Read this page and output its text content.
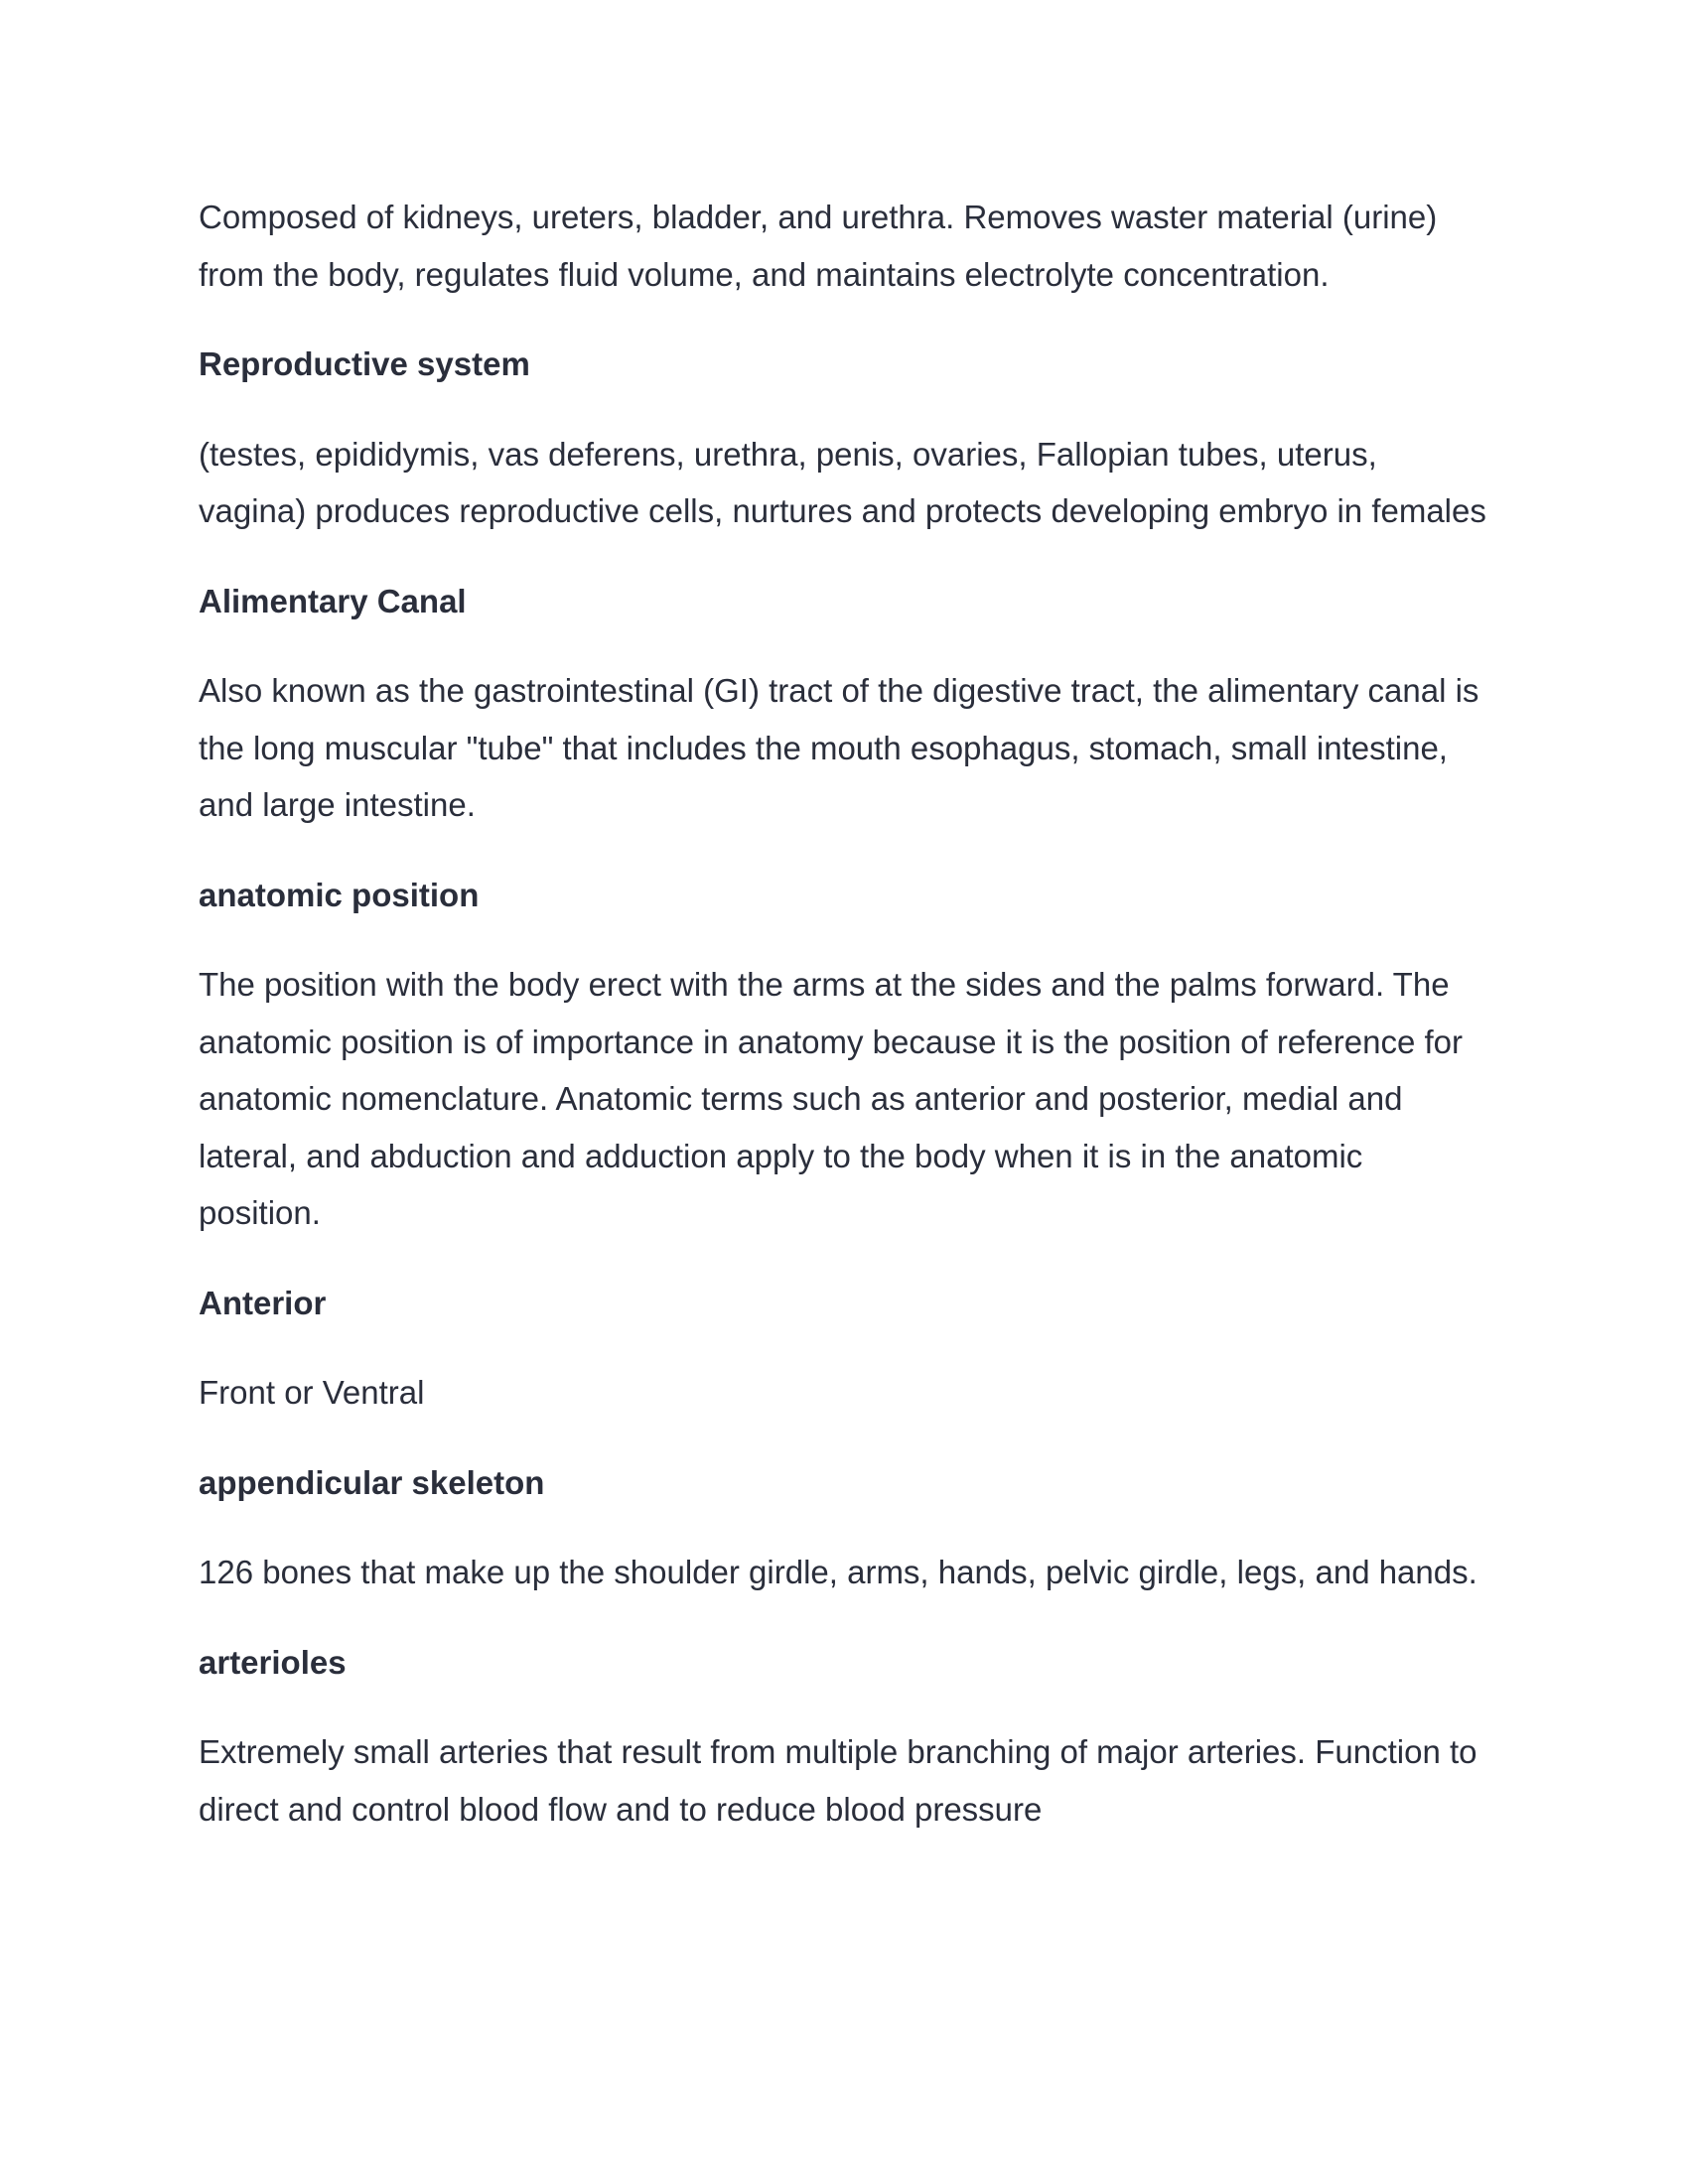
Composed of kidneys, ureters, bladder, and urethra. Removes waster material (urine) from the body, regulates fluid volume, and maintains electrolyte concentration.

Reproductive system

(testes, epididymis, vas deferens, urethra, penis, ovaries, Fallopian tubes, uterus, vagina) produces reproductive cells, nurtures and protects developing embryo in females

Alimentary Canal

Also known as the gastrointestinal (GI) tract of the digestive tract, the alimentary canal is the long muscular "tube" that includes the mouth esophagus, stomach, small intestine, and large intestine.

anatomic position

The position with the body erect with the arms at the sides and the palms forward. The anatomic position is of importance in anatomy because it is the position of reference for anatomic nomenclature. Anatomic terms such as anterior and posterior, medial and lateral, and abduction and adduction apply to the body when it is in the anatomic position.

Anterior

Front or Ventral

appendicular skeleton

126 bones that make up the shoulder girdle, arms, hands, pelvic girdle, legs, and hands.

arterioles

Extremely small arteries that result from multiple branching of major arteries. Function to direct and control blood flow and to reduce blood pressure
